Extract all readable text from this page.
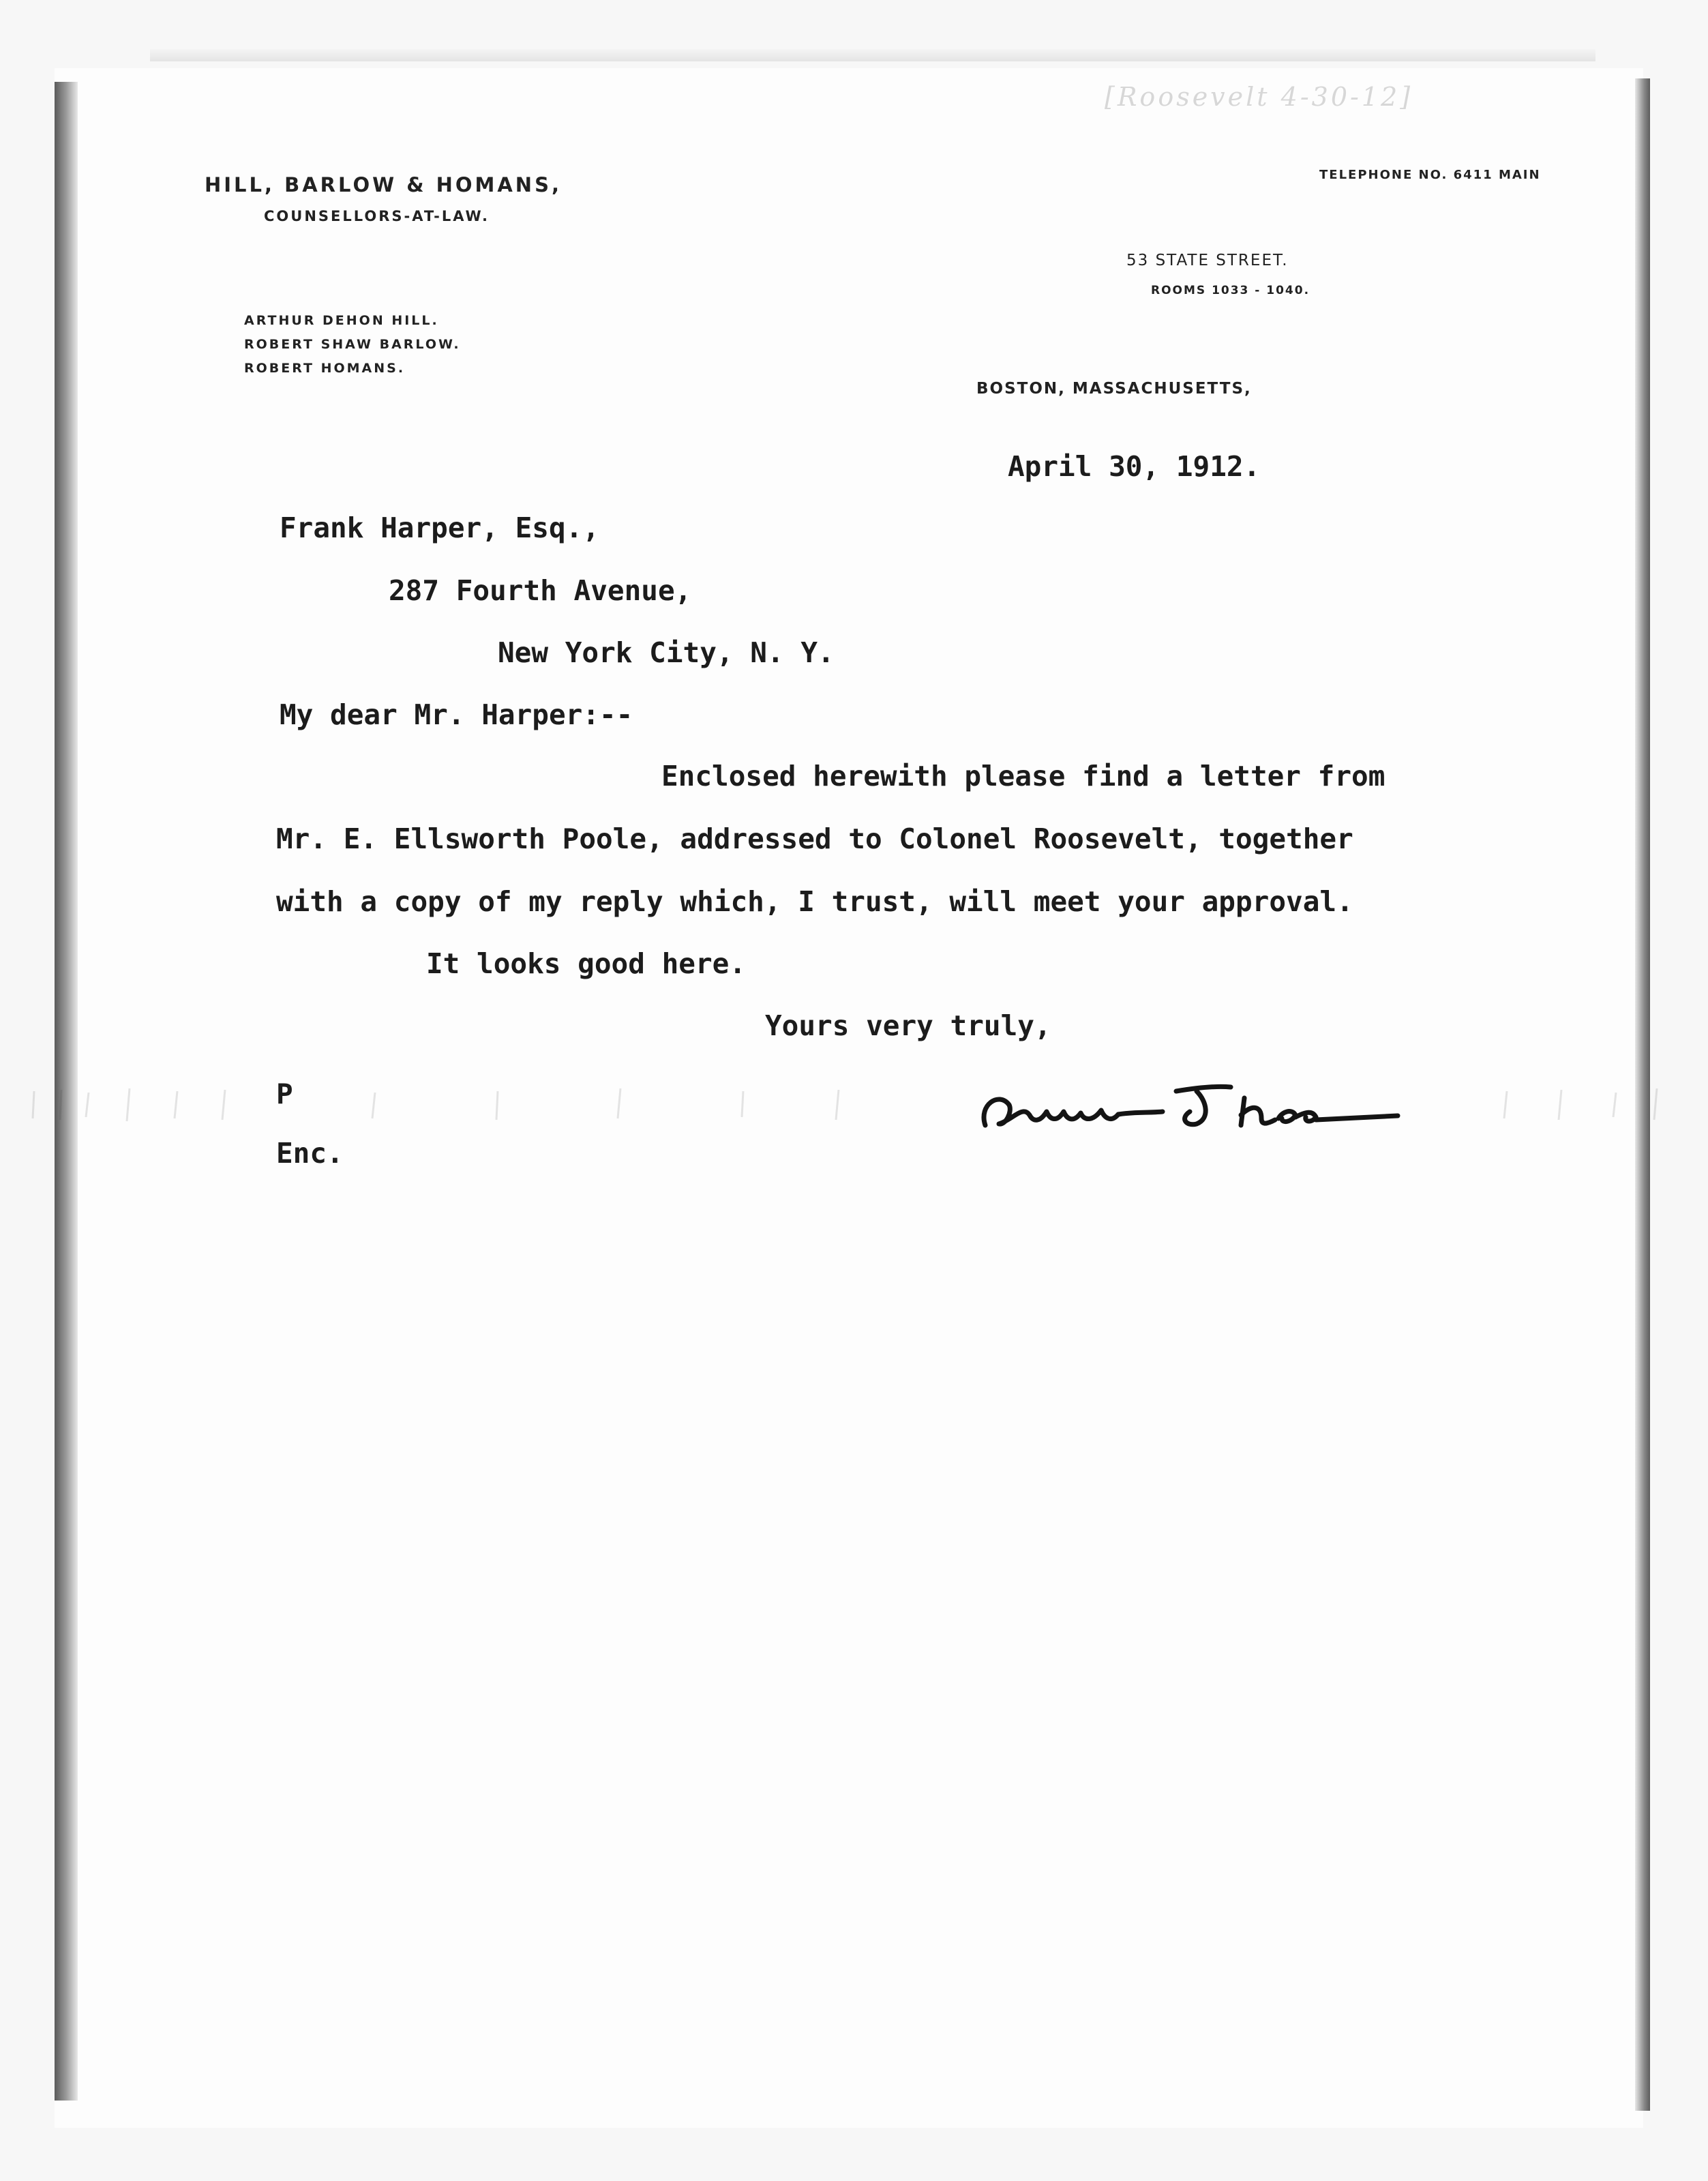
[Roosevelt 4-30-12]
HILL, BARLOW & HOMANS,
COUNSELLORS-AT-LAW.
ARTHUR DEHON HILL.
ROBERT SHAW BARLOW.
ROBERT HOMANS.
TELEPHONE NO. 6411 MAIN
53 STATE STREET.
ROOMS 1033 - 1040.
BOSTON, MASSACHUSETTS,
April 30, 1912.
Frank Harper, Esq.,
287 Fourth Avenue,
New York City, N. Y.
My dear Mr. Harper:--
Enclosed herewith please find a letter from
Mr. E. Ellsworth Poole, addressed to Colonel Roosevelt, together
with a copy of my reply which, I trust, will meet your approval.
It looks good here.
Yours very truly,
P
Enc.
